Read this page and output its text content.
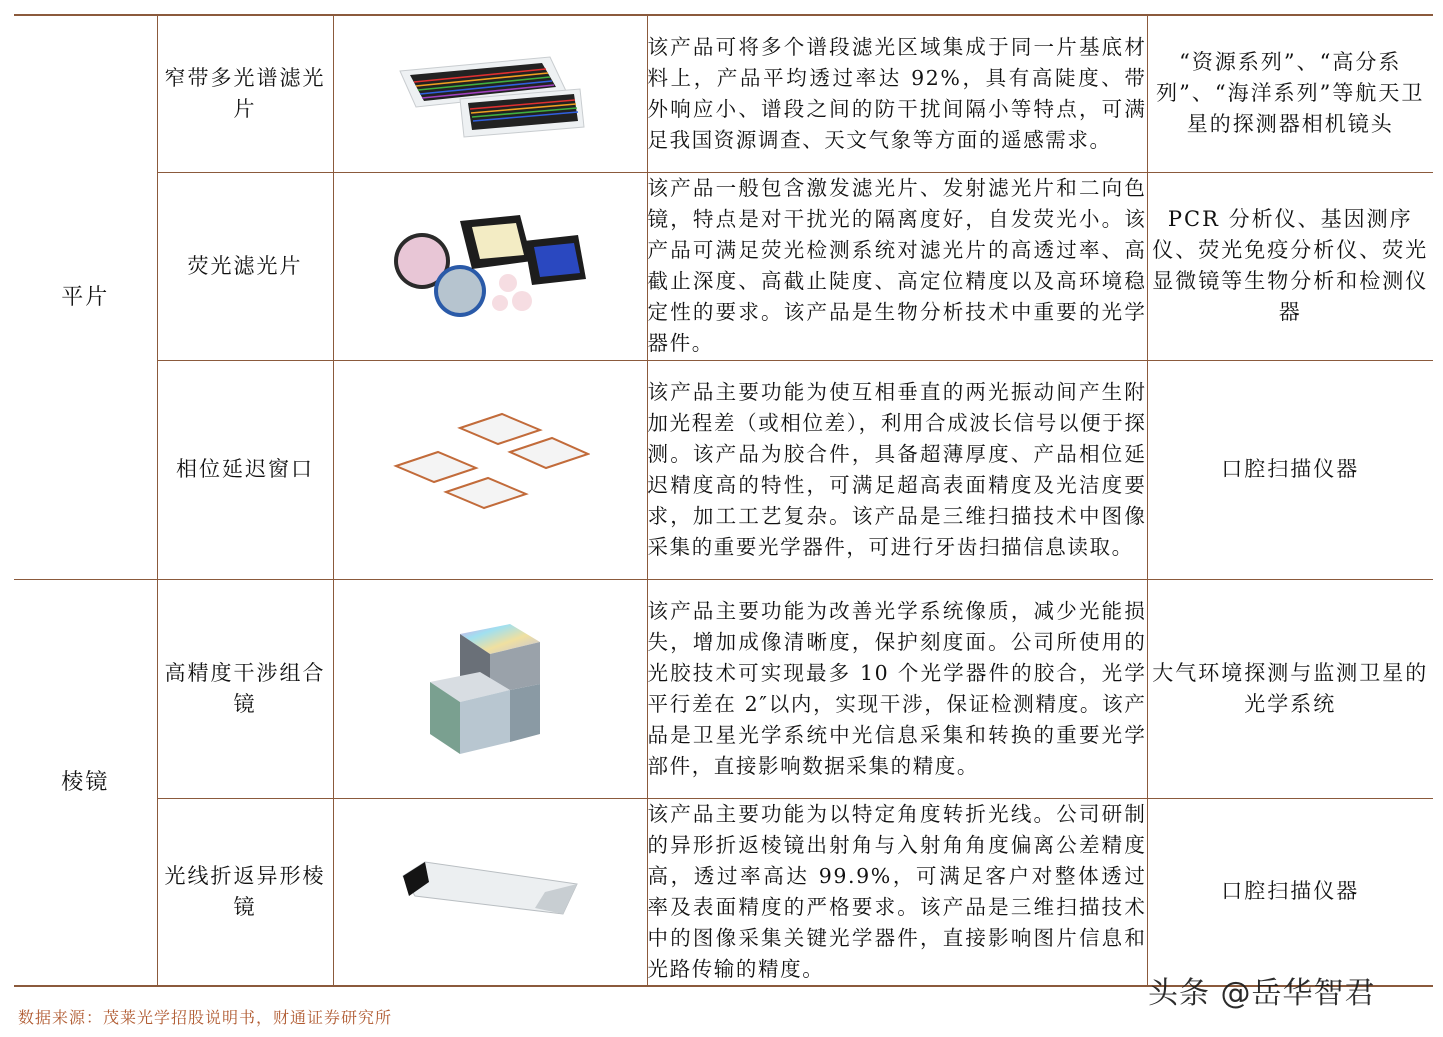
平片	窄带多光谱滤光片		该产品可将多个谱段滤光区域集成于同一片基底材料上，产品平均透过率达 92%，具有高陡度、带外响应小、谱段之间的防干扰间隔小等特点，可满足我国资源调查、天文气象等方面的遥感需求。	“资源系列”、“高分系列”、“海洋系列”等航天卫星的探测器相机镜头
	荧光滤光片		该产品一般包含激发滤光片、发射滤光片和二向色镜，特点是对干扰光的隔离度好，自发荧光小。该产品可满足荧光检测系统对滤光片的高透过率、高截止深度、高截止陡度、高定位精度以及高环境稳定性的要求。该产品是生物分析技术中重要的光学器件。	PCR 分析仪、基因测序仪、荧光免疫分析仪、荧光显微镜等生物分析和检测仪器
	相位延迟窗口		该产品主要功能为使互相垂直的两光振动间产生附加光程差（或相位差），利用合成波长信号以便于探测。该产品为胶合件，具备超薄厚度、产品相位延迟精度高的特性，可满足超高表面精度及光洁度要求，加工工艺复杂。该产品是三维扫描技术中图像采集的重要光学器件，可进行牙齿扫描信息读取。	口腔扫描仪器
棱镜	高精度干涉组合镜		该产品主要功能为改善光学系统像质，减少光能损失，增加成像清晰度，保护刻度面。公司所使用的光胶技术可实现最多 10 个光学器件的胶合，光学平行差在 2″以内，实现干涉，保证检测精度。该产品是卫星光学系统中光信息采集和转换的重要光学部件，直接影响数据采集的精度。	大气环境探测与监测卫星的光学系统
	光线折返异形棱镜		该产品主要功能为以特定角度转折光线。公司研制的异形折返棱镜出射角与入射角角度偏离公差精度高，透过率高达 99.9%，可满足客户对整体透过率及表面精度的严格要求。该产品是三维扫描技术中的图像采集关键光学器件，直接影响图片信息和光路传输的精度。	口腔扫描仪器
数据来源：茂莱光学招股说明书，财通证券研究所
头条 @岳华智君
